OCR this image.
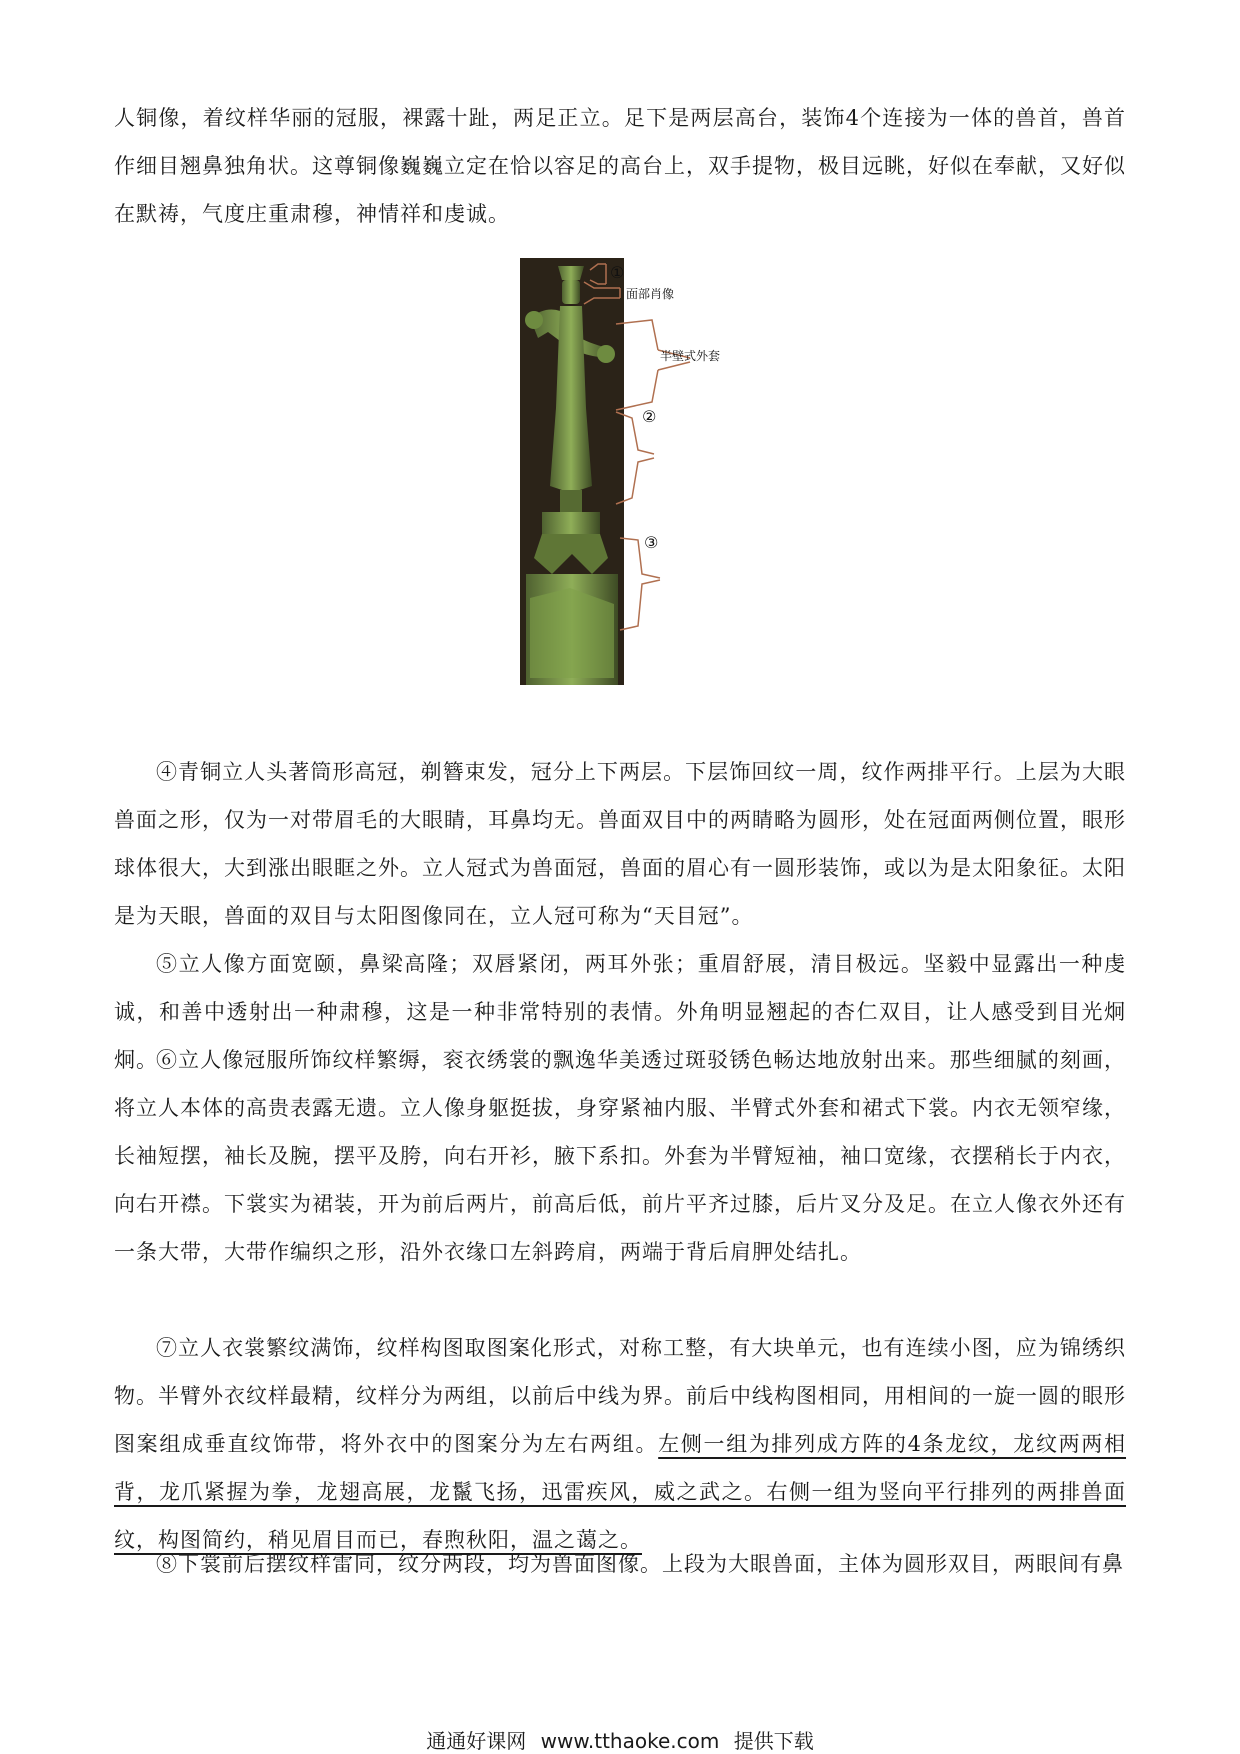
人铜像，着纹样华丽的冠服，裸露十趾，两足正立。足下是两层高台，装饰4个连接为一体的兽首，兽首作细目翘鼻独角状。这尊铜像巍巍立定在恰以容足的高台上，双手提物，极目远眺，好似在奉献，又好似在默祷，气度庄重肃穆，神情祥和虔诚。

①
面部肖像
半壁式外套
②
③

④青铜立人头著筒形高冠，剃簪束发，冠分上下两层。下层饰回纹一周，纹作两排平行。上层为大眼兽面之形，仅为一对带眉毛的大眼睛，耳鼻均无。兽面双目中的两睛略为圆形，处在冠面两侧位置，眼形球体很大，大到涨出眼眶之外。立人冠式为兽面冠，兽面的眉心有一圆形装饰，或以为是太阳象征。太阳是为天眼，兽面的双目与太阳图像同在，立人冠可称为“天目冠”。

⑤立人像方面宽颐，鼻梁高隆；双唇紧闭，两耳外张；重眉舒展，清目极远。坚毅中显露出一种虔诚，和善中透射出一种肃穆，这是一种非常特别的表情。外角明显翘起的杏仁双目，让人感受到目光炯炯。

⑥立人像冠服所饰纹样繁缛，衮衣绣裳的飘逸华美透过斑驳锈色畅达地放射出来。那些细腻的刻画，将立人本体的高贵表露无遗。立人像身躯挺拔，身穿紧袖内服、半臂式外套和裙式下裳。内衣无领窄缘，长袖短摆，袖长及腕，摆平及胯，向右开衫，腋下系扣。外套为半臂短袖，袖口宽缘，衣摆稍长于内衣，向右开襟。下裳实为裙装，开为前后两片，前高后低，前片平齐过膝，后片叉分及足。在立人像衣外还有一条大带，大带作编织之形，沿外衣缘口左斜跨肩，两端于背后肩胛处结扎。

⑦立人衣裳繁纹满饰，纹样构图取图案化形式，对称工整，有大块单元，也有连续小图，应为锦绣织物。半臂外衣纹样最精，纹样分为两组，以前后中线为界。前后中线构图相同，用相间的一旋一圆的眼形图案组成垂直纹饰带，将外衣中的图案分为左右两组。左侧一组为排列成方阵的4条龙纹，龙纹两两相背，龙爪紧握为拳，龙翅高展，龙鬣飞扬，迅雷疾风，威之武之。右侧一组为竖向平行排列的两排兽面纹，构图简约，稍见眉目而已，春煦秋阳，温之蔼之。

⑧下裳前后摆纹样雷同，纹分两段，均为兽面图像。上段为大眼兽面，主体为圆形双目，两眼间有鼻

通通好课网 www.tthaoke.com 提供下载
